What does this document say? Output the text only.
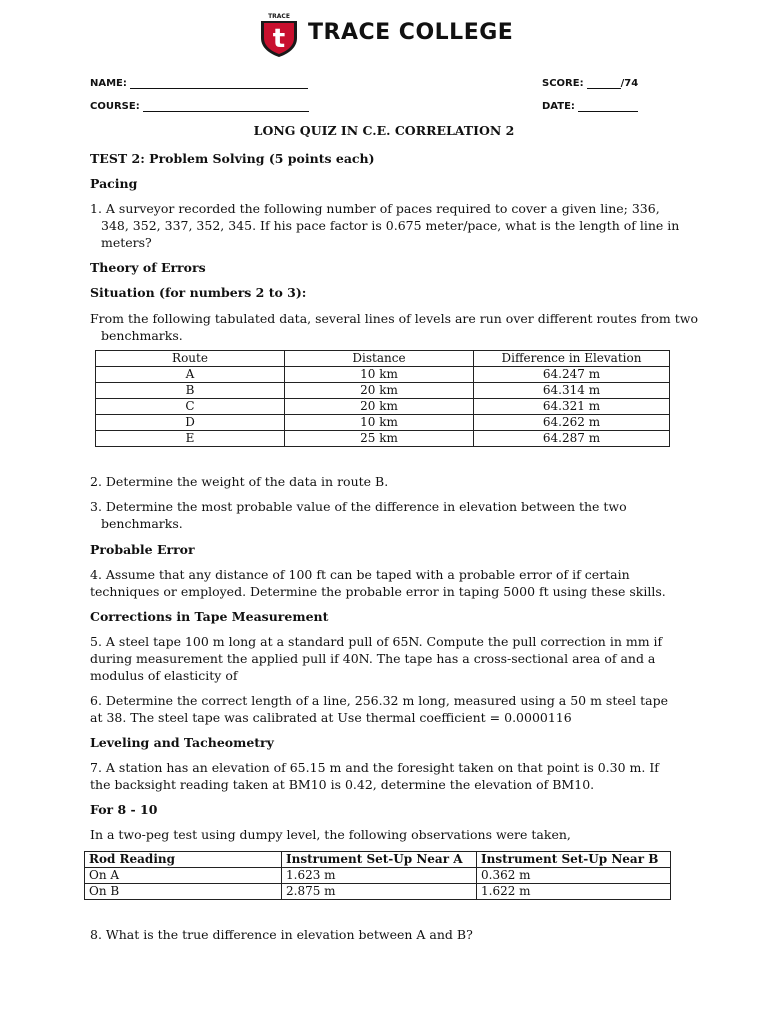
TRACE
t TRACE COLLEGE
NAME:	SCORE:	/74
COURSE:	DATE:
LONG QUIZ IN C.E. CORRELATION 2
TEST 2: Problem Solving (5 points each)
Pacing
1. A surveyor recorded the following number of paces required to cover a given line; 336, 348, 352, 337, 352, 345. If his pace factor is 0.675 meter/pace, what is the length of line in meters?
Theory of Errors
Situation (for numbers 2 to 3):
From the following tabulated data, several lines of levels are run over different routes from two benchmarks.
Route	Distance	Difference in Elevation
A	10 km	64.247 m
B	20 km	64.314 m
C	20 km	64.321 m
D	10 km	64.262 m
E	25 km	64.287 m
2. Determine the weight of the data in route B.
3. Determine the most probable value of the difference in elevation between the two benchmarks.
Probable Error
4. Assume that any distance of 100 ft can be taped with a probable error of if certain techniques or employed. Determine the probable error in taping 5000 ft using these skills.
Corrections in Tape Measurement
5. A steel tape 100 m long at a standard pull of 65N. Compute the pull correction in mm if during measurement the applied pull if 40N. The tape has a cross-sectional area of and a modulus of elasticity of
6. Determine the correct length of a line, 256.32 m long, measured using a 50 m steel tape at 38. The steel tape was calibrated at Use thermal coefficient = 0.0000116
Leveling and Tacheometry
7. A station has an elevation of 65.15 m and the foresight taken on that point is 0.30 m. If the backsight reading taken at BM10 is 0.42, determine the elevation of BM10.
For 8 - 10
In a two-peg test using dumpy level, the following observations were taken,
Rod Reading	Instrument Set-Up Near A	Instrument Set-Up Near B
On A	1.623 m	0.362 m
On B	2.875 m	1.622 m
8. What is the true difference in elevation between A and B?
